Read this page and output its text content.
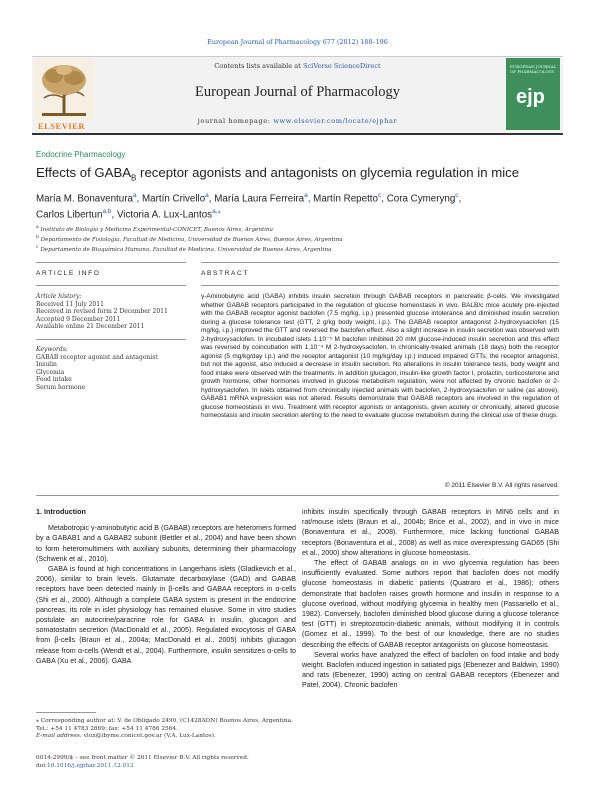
European Journal of Pharmacology 677 (2012) 188–196
ELSEVIER
Contents lists available at SciVerse ScienceDirect
European Journal of Pharmacology
journal homepage: www.elsevier.com/locate/ejphar
EUROPEAN JOURNAL OF PHARMACOLOGY
ejp
Endocrine Pharmacology
Effects of $GABA_B$ receptor agonists and antagonists on glycemia regulation in mice
María M. Bonaventura$^a$, Martín Crivello$^a$, María Laura Ferreira$^a$, Martín Repetto$^c$, Cora Cymeryng$^c$,
Carlos Libertun$^{a,b}$, Victoria A. Lux-Lantos$^{a,⁎}$
$^a$ Instituto de Biología y Medicina Experimental-CONICET, Buenos Aires, Argentina
$^b$ Departamento de Fisiología, Facultad de Medicina, Universidad de Buenos Aires, Buenos Aires, Argentina
$^c$ Departamento de Bioquímica Humana, Facultad de Medicina, Universidad de Buenos Aires, Argentina
ARTICLE INFO	ABSTRACT
Article history:
Received 11 July 2011
Received in revised form 2 December 2011
Accepted 9 December 2011
Available online 21 December 2011
Keywords:
GABAB receptor agonist and antagonist
Insulin
Glycemia
Food intake
Serum hormone
γ-Aminobutyric acid (GABA) inhibits insulin secretion through GABAB receptors in pancreatic β-cells. We investigated whether GABAB receptors participated in the regulation of glucose homeostasis in vivo. BALB/c mice acutely pre-injected with the GABAB receptor agonist baclofen (7.5 mg/kg, i.p.) presented glucose intolerance and diminished insulin secretion during a glucose tolerance test (GTT, 2 g/kg body weight, i.p.). The GABAB receptor antagonist 2-hydroxysaclofen (15 mg/kg, i.p.) improved the GTT and reversed the baclofen effect. Also a slight increase in insulin secretion was observed with 2-hydroxysaclofen. In incubated islets 1.10⁻⁵ M baclofen inhibited 20 mM glucose-induced insulin secretion and this effect was reversed by coincubation with 1.10⁻⁴ M 2-hydroxysaclofen. In chronically-treated animals (18 days) both the receptor agonist (5 mg/kg/day i.p.) and the receptor antagonist (10 mg/kg/day i.p.) induced impaired GTTs; the receptor antagonist, but not the agonist, also induced a decrease in insulin secretion. No alterations in insulin tolerance tests, body weight and food intake were observed with the treatments. In addition glucagon, insulin-like growth factor I, prolactin, corticosterone and growth hormone, other hormones involved in glucose metabolism regulation, were not affected by chronic baclofen or 2-hydroxysaclofen. In islets obtained from chronically injected animals with baclofen, 2-hydroxysaclofen or saline (as above), GABAB1 mRNA expression was not altered. Results demonstrate that GABAB receptors are involved in the regulation of glucose homeostasis in vivo. Treatment with receptor agonists or antagonists, given acutely or chronically, altered glucose homeostasis and insulin secretion alerting to the need to evaluate glucose metabolism during the clinical use of these drugs.
© 2011 Elsevier B.V. All rights reserved.
1. Introduction

Metabotropic γ-aminobutyric acid B (GABAB) receptors are heteromers formed by a GABAB1 and a GABAB2 subunit (Bettler et al., 2004) and have been shown to form heteromultimers with auxiliary subunits, determining their pharmacology (Schwenk et al., 2010).

GABA is found at high concentrations in Langerhans islets (Gladkevich et al., 2006), similar to brain levels. Glutamate decarboxylase (GAD) and GABAB receptors have been detected mainly in β-cells and GABAA receptors in α-cells (Shi et al., 2000). Although a complete GABA system is present in the endocrine pancreas, its role in islet physiology has remained elusive. Some in vitro studies postulate an autocrine/paracrine role for GABA in insulin, glucagon and somatostatin secretion (MacDonald et al., 2005). Regulated exocytosis of GABA from β-cells (Braun et al., 2004a; MacDonald et al., 2005) inhibits glucagon release from α-cells (Wendt et al., 2004). Furthermore, insulin sensitizes α-cells to GABA (Xu et al., 2006). GABA

inhibits insulin specifically through GABAB receptors in MIN6 cells and in rat/mouse islets (Braun et al., 2004b; Brice et al., 2002), and in vivo in mice (Bonaventura et al., 2008). Furthermore, mice lacking functional GABAB receptors (Bonaventura et al., 2008) as well as mice overexpressing GAD65 (Shi et al., 2000) show alterations in glucose homeostasis.

The effect of GABAB analogs on in vivo glycemia regulation has been insufficiently evaluated. Some authors report that baclofen does not modify glucose homeostasis in diabetic patients (Quatraro et al., 1986); others demonstrate that baclofen raises growth hormone and insulin in response to a glucose overload, without modifying glycemia in healthy men (Passariello et al., 1982). Conversely, baclofen diminished blood glucose during a glucose tolerance test (GTT) in streptozotocin-diabetic animals, without modifying it in controls (Gomez et al., 1999). To the best of our knowledge, there are no studies describing the effects of GABAB receptor antagonists on glucose homeostasis.

Several works have analyzed the effect of baclofen on food intake and body weight. Baclofen induced ingestion in satiated pigs (Ebenezer and Baldwin, 1990) and rats (Ebenezer, 1990) acting on central GABAB receptors (Ebenezer and Patel, 2004). Chronic baclofen

⁎ Corresponding author at: V. de Obligado 2490, (C1428ADN) Buenos Aires, Argentina. Tel.: +54 11 4783 2869; fax: +54 11 4786 2564.
E-mail address: vlux@ibyme.conicet.gov.ar (V.A. Lux-Lantos).
0014-2999/$ – see front matter © 2011 Elsevier B.V. All rights reserved.
doi:10.1016/j.ejphar.2011.12.013
